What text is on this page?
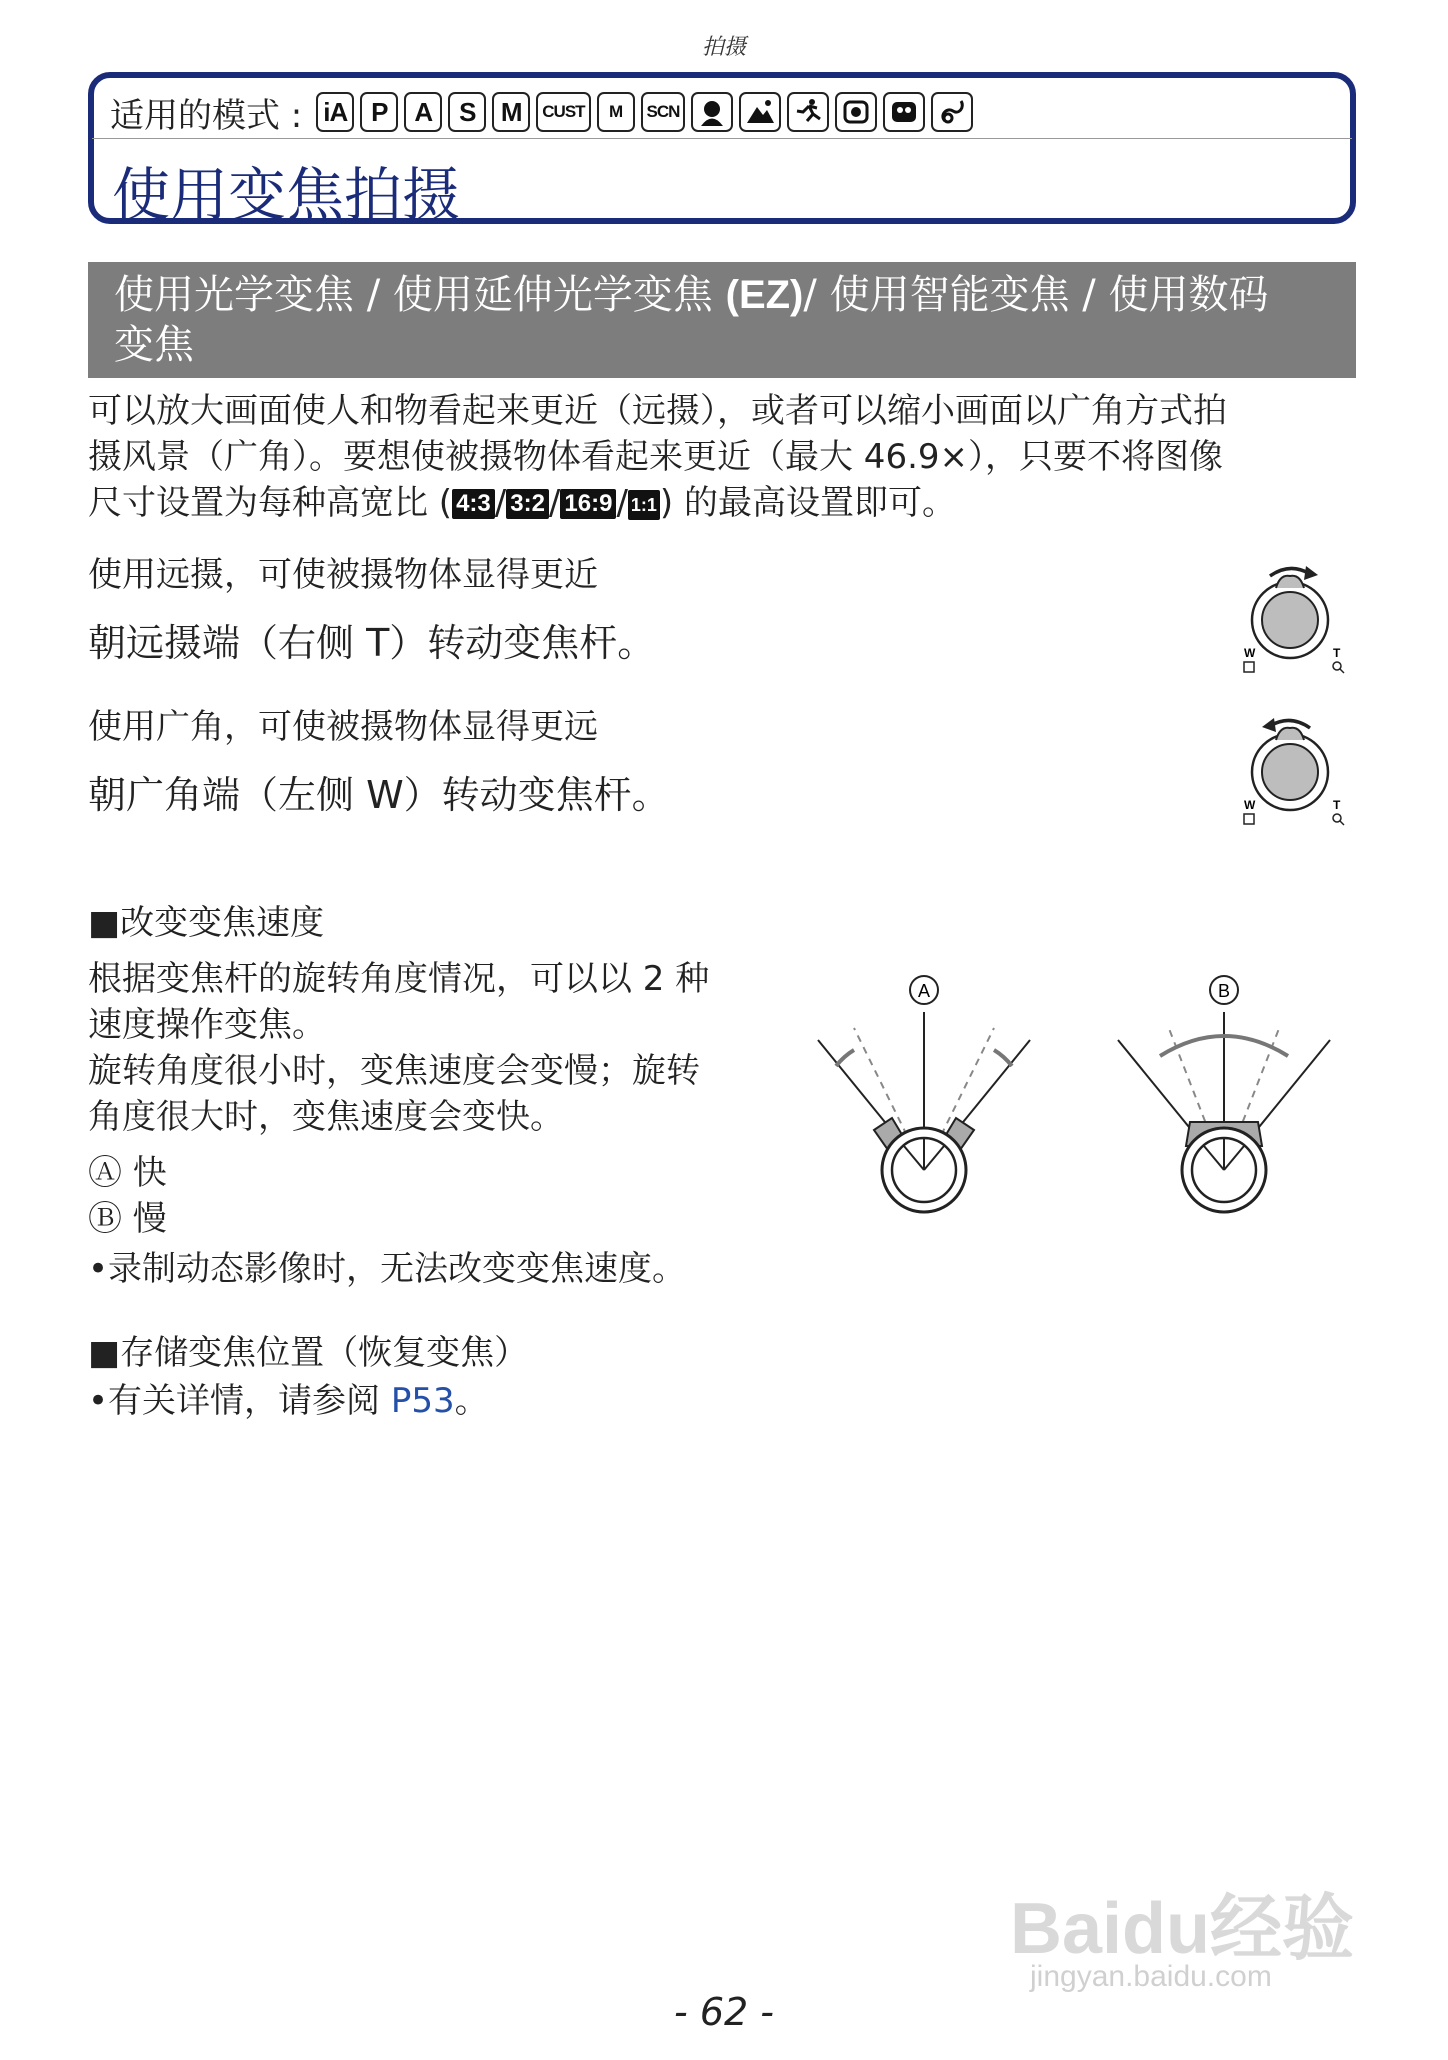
拍摄
适用的模式 : iA P	A	S M	CUST	M	SCN
使用变焦拍摄
使用光学变焦 / 使用延伸光学变焦 (EZ)/ 使用智能变焦 / 使用数码
变焦
可以放大画面使人和物看起来更近（远摄），或者可以缩小画面以广角方式拍
摄风景（广角）。要想使被摄物体看起来更近（最大 46.9×），只要不将图像
尺寸设置为每种高宽比 ( 4:3 / 3:2 / 16:9 / 1:1) 的最高设置即可。
使用远摄，可使被摄物体显得更近
朝远摄端（右侧 T）转动变焦杆。	W	T
使用广角，可使被摄物体显得更远
朝广角端（左侧 W）转动变焦杆。	W	T
■改变变焦速度
根据变焦杆的旋转角度情况，可以以 2 种
速度操作变焦。
旋转角度很小时，变焦速度会变慢；旋转
角度很大时，变焦速度会变快。
Ⓐ 快
Ⓑ 慢
•录制动态影像时，无法改变变焦速度。
A	B
■存储变焦位置（恢复变焦）
•有关详情，请参阅 P53。
Baidu经验
jingyan.baidu.com
- 62 -
